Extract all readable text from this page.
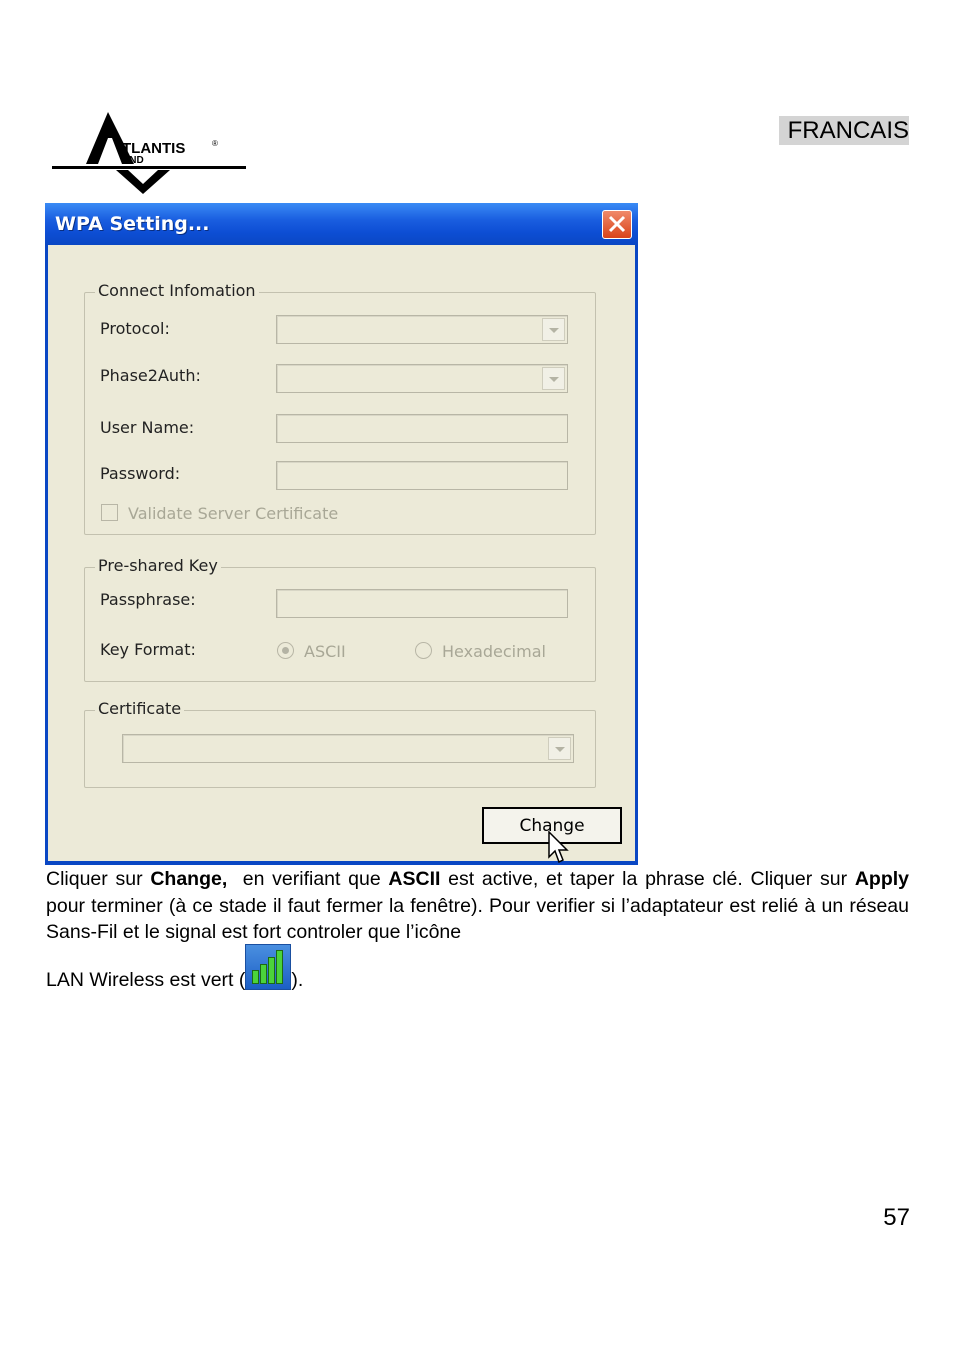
FRANCAIS
TLANTIS
AND
®
WPA Setting...
Connect Infomation
Protocol:
Phase2Auth:
User Name:
Password:
Validate Server Certificate
Pre-shared Key
Passphrase:
Key Format:	ASCII	Hexadecimal
Certificate
Change

Cliquer sur Change,  en verifiant que ASCII est active, et taper la phrase clé. Cliquer sur Apply pour terminer (à ce stade il faut fermer la fenêtre). Pour verifier si l’adaptateur est relié à un réseau Sans-Fil et le signal est fort controler que l’icône

LAN Wireless est vert ( ).
57
